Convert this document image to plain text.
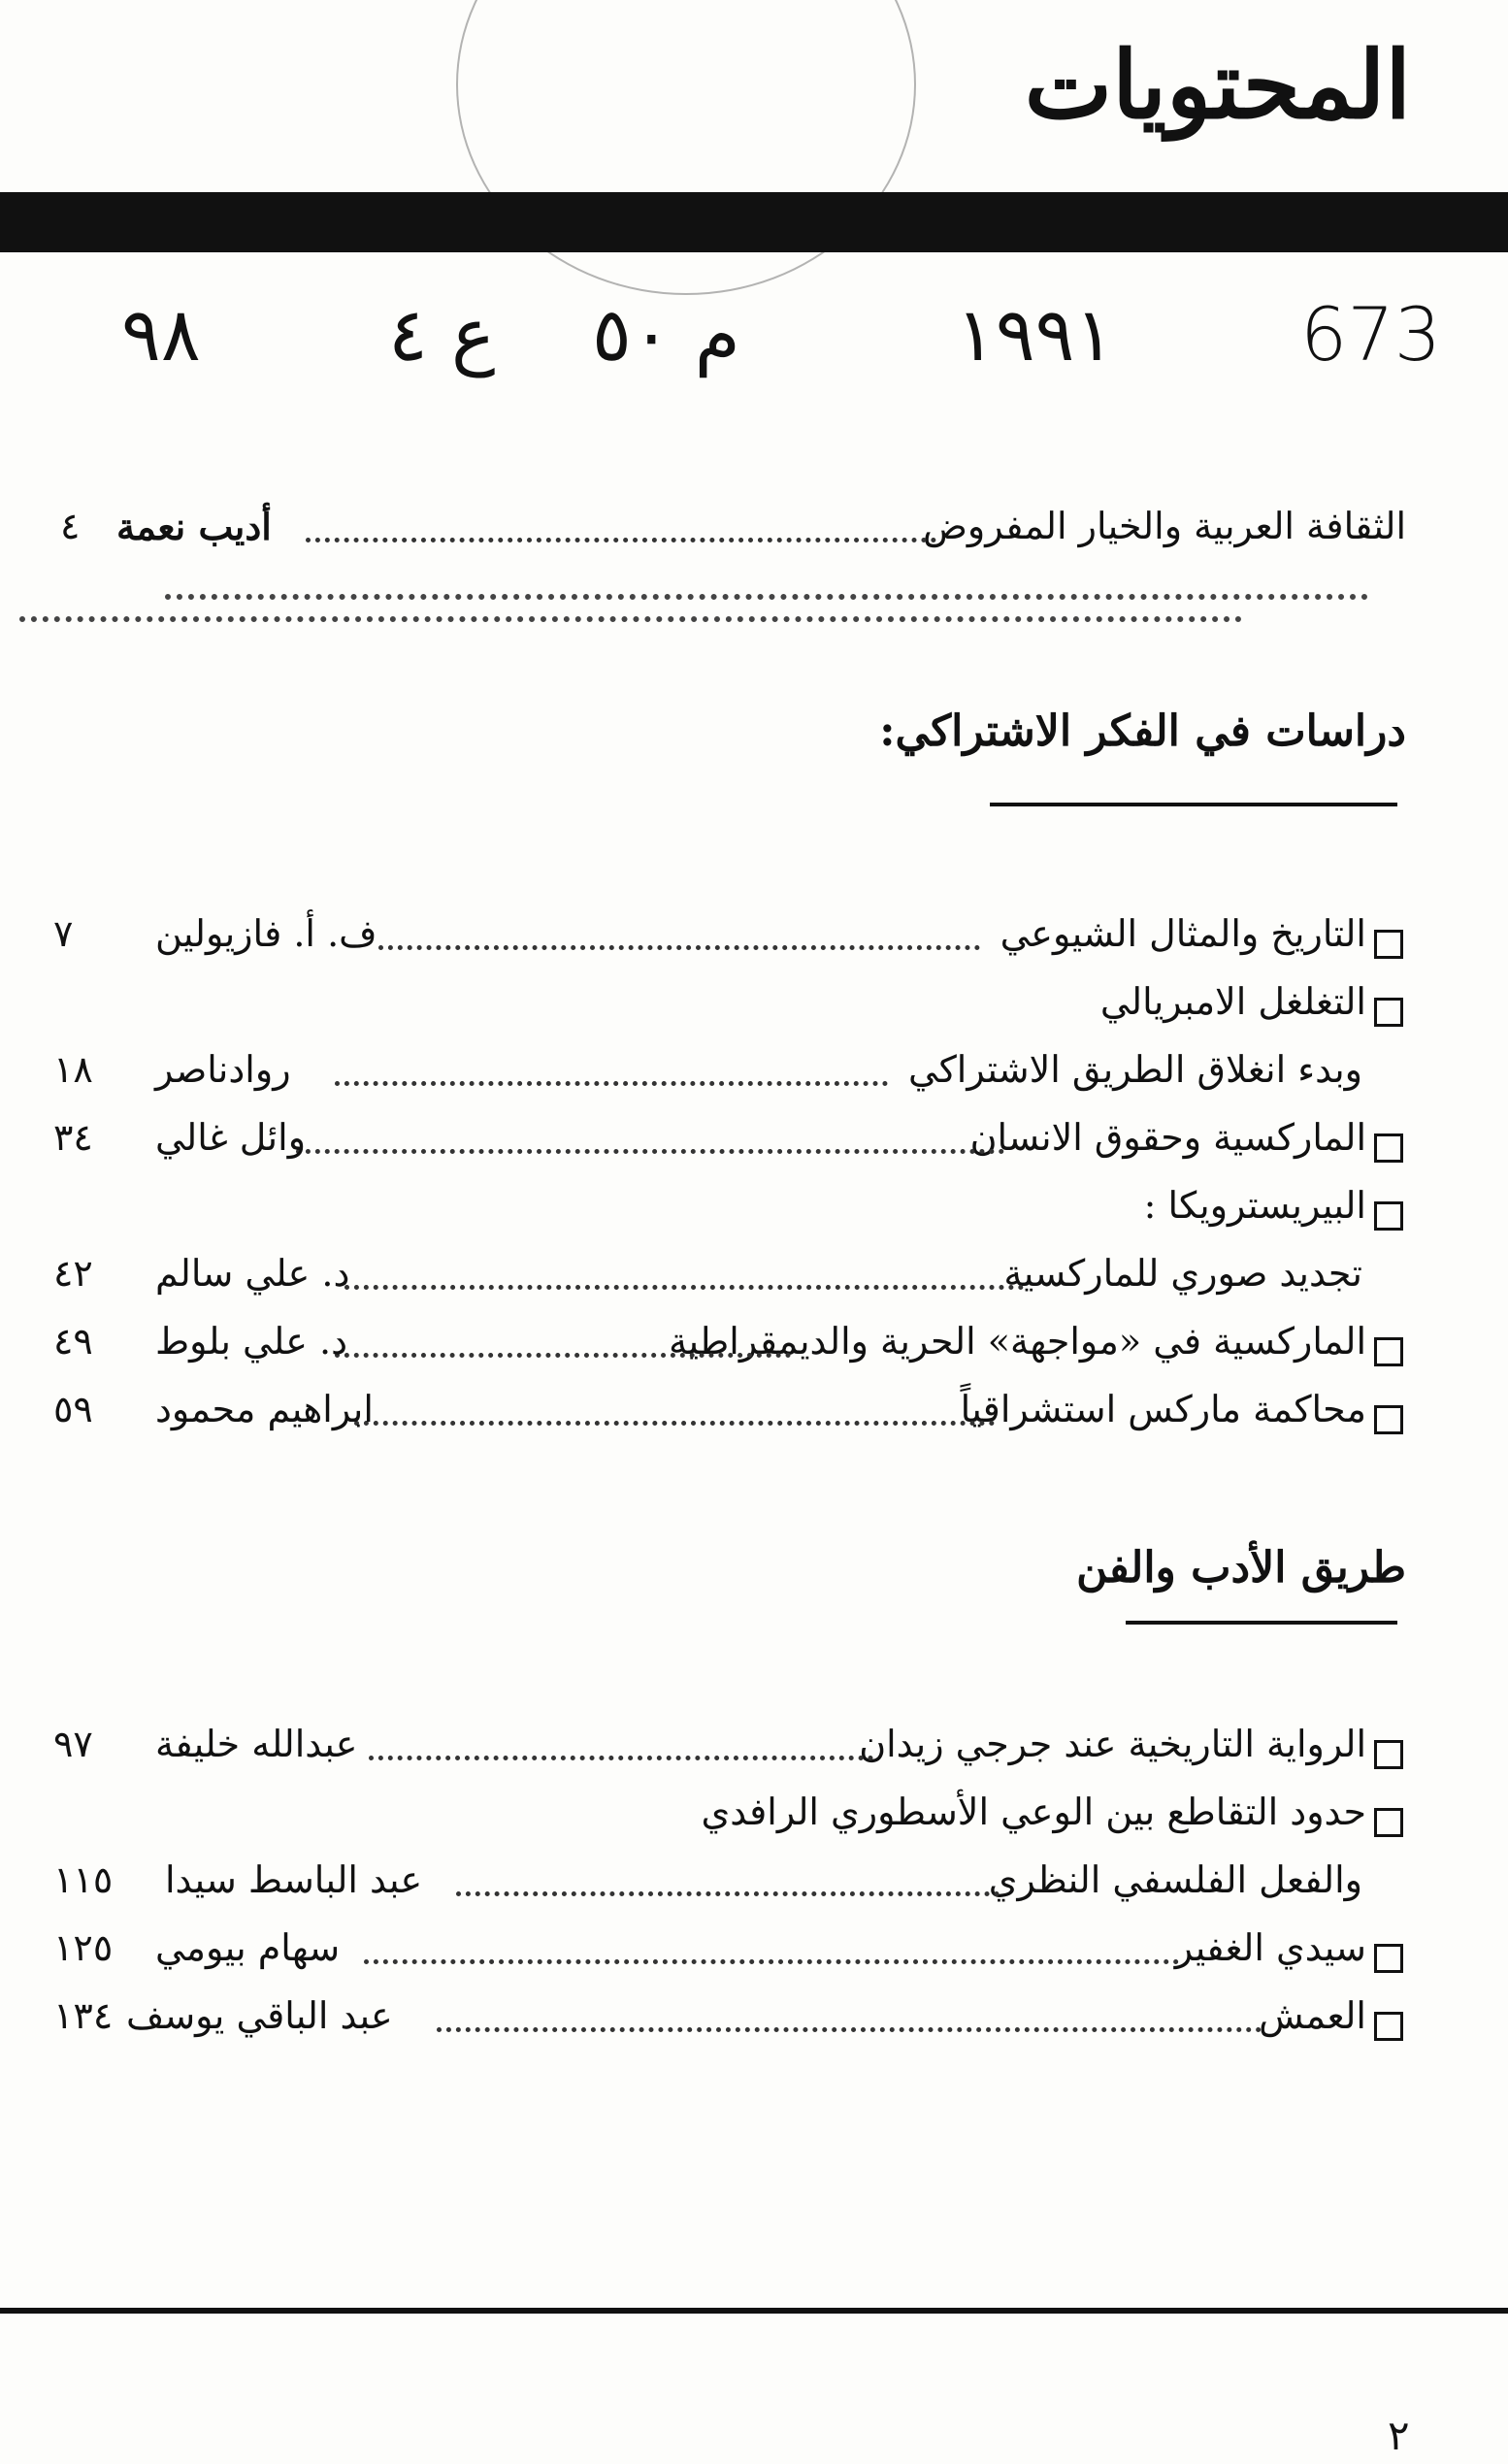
المحتويات
673
١٩٩١
م ٥٠
ع ٤
٩٨
الثقافة العربية والخيار المفروض
أديب نعمة
٤
دراسات في الفكر الاشتراكي:
التاريخ والمثال الشيوعي
ف. أ. فازيولين
٧
التغلغل الامبريالي
وبدء انغلاق الطريق الاشتراكي
روادناصر
١٨
الماركسية وحقوق الانسان
وائل غالي
٣٤
البيريسترويكا :
تجديد صوري للماركسية
د. علي سالم
٤٢
الماركسية في «مواجهة» الحرية والديمقراطية
د. علي بلوط
٤٩
محاكمة ماركس استشراقياً
ابراهيم محمود
٥٩
طريق الأدب والفن
الرواية التاريخية عند جرجي زيدان
عبدالله خليفة
٩٧
حدود التقاطع بين الوعي الأسطوري الرافدي
والفعل الفلسفي النظري
عبد الباسط سيدا
١١٥
سيدي الغفير
سهام بيومي
١٢٥
العمش
عبد الباقي يوسف
١٣٤
٢
